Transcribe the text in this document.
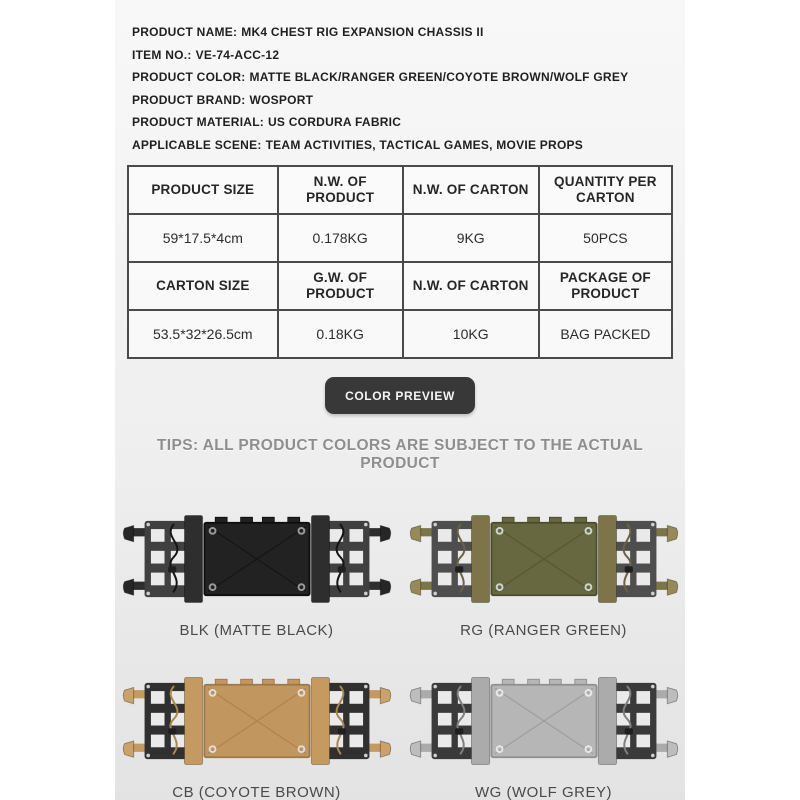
PRODUCT NAME: MK4 CHEST RIG EXPANSION CHASSIS II
ITEM NO.: VE-74-ACC-12
PRODUCT COLOR: MATTE BLACK/RANGER GREEN/COYOTE BROWN/WOLF GREY
PRODUCT BRAND: WOSPORT
PRODUCT MATERIAL: US CORDURA FABRIC
APPLICABLE SCENE: TEAM ACTIVITIES, TACTICAL GAMES, MOVIE PROPS
PRODUCT SIZE	N.W. OF PRODUCT	N.W. OF CARTON	QUANTITY PER CARTON
59*17.5*4cm	0.178KG	9KG	50PCS
CARTON SIZE	G.W. OF PRODUCT	N.W. OF CARTON	PACKAGE OF PRODUCT
53.5*32*26.5cm	0.18KG	10KG	BAG PACKED
COLOR PREVIEW
TIPS: ALL PRODUCT COLORS ARE SUBJECT TO THE ACTUAL PRODUCT
BLK (MATTE BLACK)	RG (RANGER GREEN)
CB (COYOTE BROWN)	WG (WOLF GREY)
